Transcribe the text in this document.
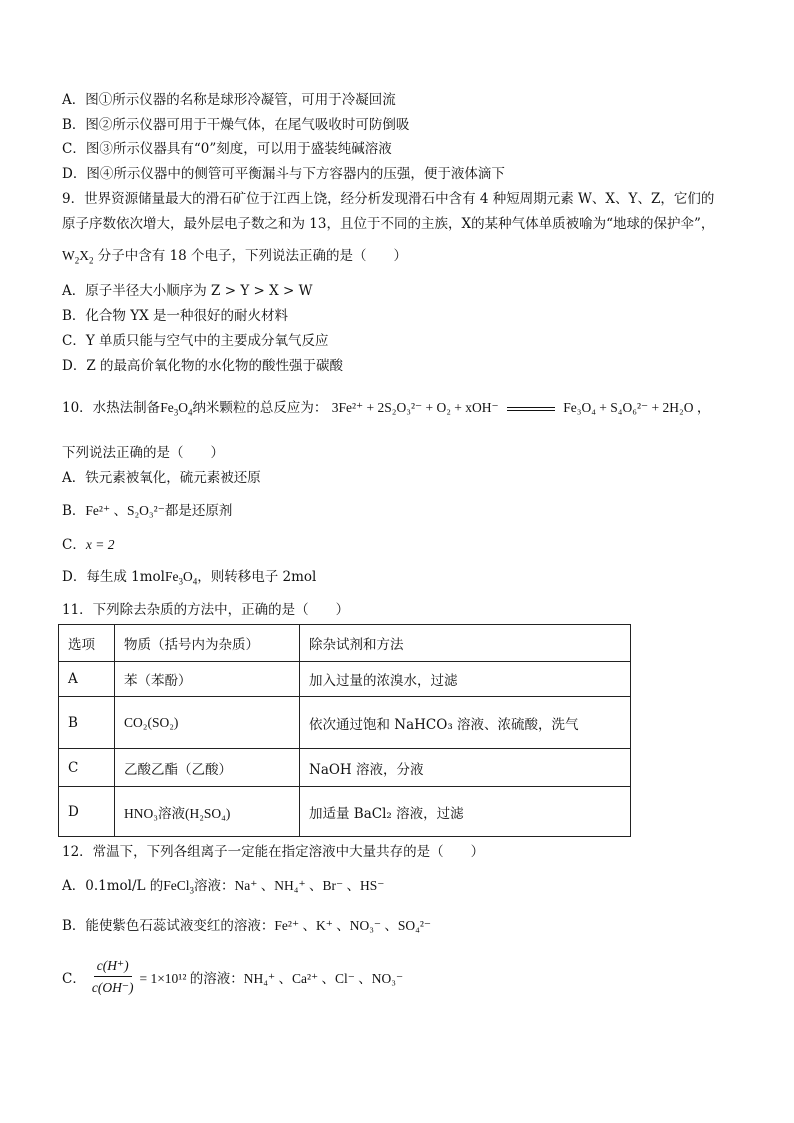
A．图①所示仪器的名称是球形冷凝管，可用于冷凝回流
B．图②所示仪器可用于干燥气体，在尾气吸收时可防倒吸
C．图③所示仪器具有“0”刻度，可以用于盛装纯碱溶液
D．图④所示仪器中的侧管可平衡漏斗与下方容器内的压强，便于液体滴下
9．世界资源储量最大的滑石矿位于江西上饶，经分析发现滑石中含有 4 种短周期元素 W、X、Y、Z，它们的
原子序数依次增大，最外层电子数之和为 13，且位于不同的主族，X的某种气体单质被喻为“地球的保护伞”，
$W_2X_2$ 分子中含有 18 个电子，下列说法正确的是（　　）
A．原子半径大小顺序为 Z > Y > X > W
B．化合物 YX 是一种很好的耐火材料
C．Y 单质只能与空气中的主要成分氧气反应
D．Z 的最高价氧化物的水化物的酸性强于碳酸
10．水热法制备$Fe_3O_4$纳米颗粒的总反应为： 3Fe²⁺ + 2S₂O₃²⁻ + O₂ + xOH⁻	Fe₃O₄ + S₄O₆²⁻ + 2H₂O ，
下列说法正确的是（　　）
A．铁元素被氧化，硫元素被还原
B．Fe²⁺ 、S₂O₃²⁻都是还原剂
C．x = 2
D．每生成 $1molFe_3O_4$，则转移电子 2mol
11．下列除去杂质的方法中，正确的是（　　）
选项	物质（括号内为杂质）	除杂试剂和方法
A	苯（苯酚）	加入过量的浓溴水，过滤
B	CO₂(SO₂)	依次通过饱和 NaHCO₃ 溶液、浓硫酸，洗气
C	乙酸乙酯（乙酸）	NaOH 溶液，分液
D	HNO₃溶液(H₂SO₄)	加适量 BaCl₂ 溶液，过滤
12．常温下，下列各组离子一定能在指定溶液中大量共存的是（　　）
A．0.1mol/L 的FeCl$_3$溶液：Na⁺ 、NH₄⁺ 、Br⁻ 、HS⁻
B．能使紫色石蕊试液变红的溶液：Fe²⁺ 、K⁺ 、NO₃⁻ 、SO₄²⁻
C． $\frac{c(H^+)}{c(OH^-)} = 1\times 10^{12}$ 的溶液： NH₄⁺ 、Ca²⁺ 、Cl⁻ 、NO₃⁻
